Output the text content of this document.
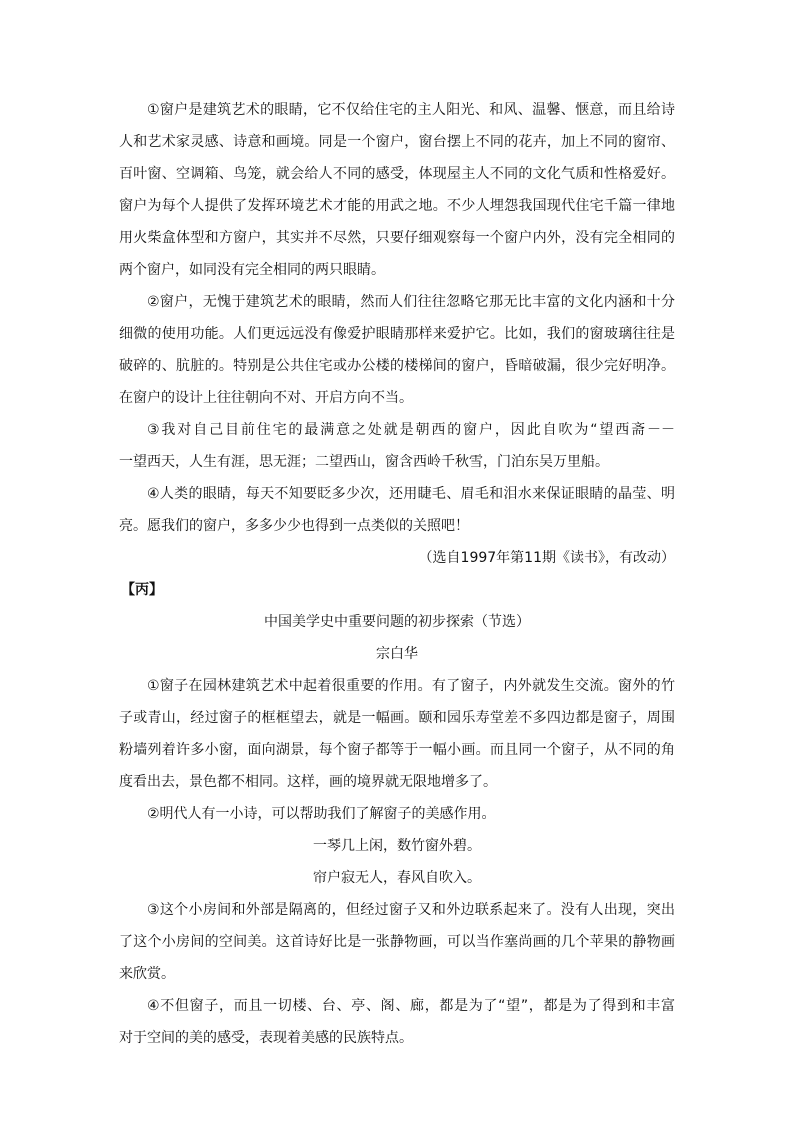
①窗户是建筑艺术的眼睛，它不仅给住宅的主人阳光、和风、温馨、惬意，而且给诗
人和艺术家灵感、诗意和画境。同是一个窗户，窗台摆上不同的花卉，加上不同的窗帘、
百叶窗、空调箱、鸟笼，就会给人不同的感受，体现屋主人不同的文化气质和性格爱好。
窗户为每个人提供了发挥环境艺术才能的用武之地。不少人埋怨我国现代住宅千篇一律地
用火柴盒体型和方窗户，其实并不尽然，只要仔细观察每一个窗户内外，没有完全相同的
两个窗户，如同没有完全相同的两只眼睛。
②窗户，无愧于建筑艺术的眼睛，然而人们往往忽略它那无比丰富的文化内涵和十分
细微的使用功能。人们更远远没有像爱护眼睛那样来爱护它。比如，我们的窗玻璃往往是
破碎的、肮脏的。特别是公共住宅或办公楼的楼梯间的窗户，昏暗破漏，很少完好明净。
在窗户的设计上往往朝向不对、开启方向不当。
③我对自己目前住宅的最满意之处就是朝西的窗户，因此自吹为“望西斋－－
一望西天，人生有涯，思无涯；二望西山，窗含西岭千秋雪，门泊东吴万里船。
④人类的眼睛，每天不知要眨多少次，还用睫毛、眉毛和泪水来保证眼睛的晶莹、明
亮。愿我们的窗户，多多少少也得到一点类似的关照吧！
（选自1997年第11期《读书》，有改动）
【丙】
中国美学史中重要问题的初步探索（节选）
宗白华
①窗子在园林建筑艺术中起着很重要的作用。有了窗子，内外就发生交流。窗外的竹
子或青山，经过窗子的框框望去，就是一幅画。颐和园乐寿堂差不多四边都是窗子，周围
粉墙列着许多小窗，面向湖景，每个窗子都等于一幅小画。而且同一个窗子，从不同的角
度看出去，景色都不相同。这样，画的境界就无限地增多了。
②明代人有一小诗，可以帮助我们了解窗子的美感作用。
一琴几上闲，数竹窗外碧。
帘户寂无人，春风自吹入。
③这个小房间和外部是隔离的，但经过窗子又和外边联系起来了。没有人出现，突出
了这个小房间的空间美。这首诗好比是一张静物画，可以当作塞尚画的几个苹果的静物画
来欣赏。
④不但窗子，而且一切楼、台、亭、阁、廊，都是为了“望”，都是为了得到和丰富
对于空间的美的感受，表现着美感的民族特点。
